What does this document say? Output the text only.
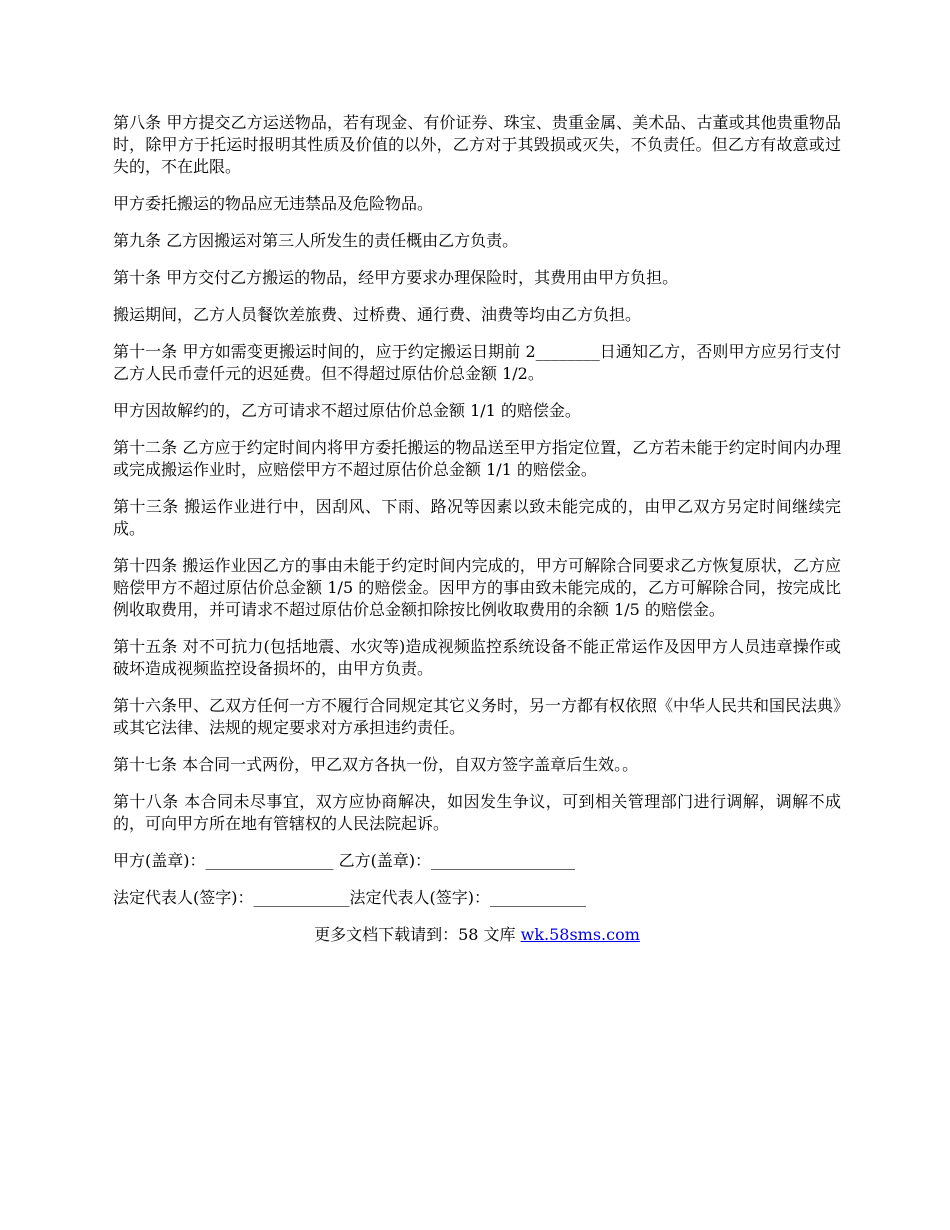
第八条 甲方提交乙方运送物品，若有现金、有价证券、珠宝、贵重金属、美术品、古董或其他贵重物品时，除甲方于托运时报明其性质及价值的以外，乙方对于其毁损或灭失，不负责任。但乙方有故意或过失的，不在此限。

甲方委托搬运的物品应无违禁品及危险物品。

第九条 乙方因搬运对第三人所发生的责任概由乙方负责。

第十条 甲方交付乙方搬运的物品，经甲方要求办理保险时，其费用由甲方负担。

搬运期间，乙方人员餐饮差旅费、过桥费、通行费、油费等均由乙方负担。

第十一条 甲方如需变更搬运时间的，应于约定搬运日期前 2________日通知乙方，否则甲方应另行支付乙方人民币壹仟元的迟延费。但不得超过原估价总金额 1/2。

甲方因故解约的，乙方可请求不超过原估价总金额 1/1 的赔偿金。

第十二条 乙方应于约定时间内将甲方委托搬运的物品送至甲方指定位置，乙方若未能于约定时间内办理或完成搬运作业时，应赔偿甲方不超过原估价总金额 1/1 的赔偿金。

第十三条 搬运作业进行中，因刮风、下雨、路况等因素以致未能完成的，由甲乙双方另定时间继续完成。

第十四条 搬运作业因乙方的事由未能于约定时间内完成的，甲方可解除合同要求乙方恢复原状，乙方应赔偿甲方不超过原估价总金额 1/5 的赔偿金。因甲方的事由致未能完成的，乙方可解除合同，按完成比例收取费用，并可请求不超过原估价总金额扣除按比例收取费用的余额 1/5 的赔偿金。

第十五条 对不可抗力(包括地震、水灾等)造成视频监控系统设备不能正常运作及因甲方人员违章操作或破坏造成视频监控设备损坏的，由甲方负责。

第十六条甲、乙双方任何一方不履行合同规定其它义务时，另一方都有权依照《中华人民共和国民法典》或其它法律、法规的规定要求对方承担违约责任。

第十七条 本合同一式两份，甲乙双方各执一份，自双方签字盖章后生效。。

第十八条 本合同未尽事宜，双方应协商解决，如因发生争议，可到相关管理部门进行调解，调解不成的，可向甲方所在地有管辖权的人民法院起诉。

甲方(盖章)：________________ 乙方(盖章)：__________________

法定代表人(签字)：____________法定代表人(签字)：____________

更多文档下载请到：58 文库 wk.58sms.com
